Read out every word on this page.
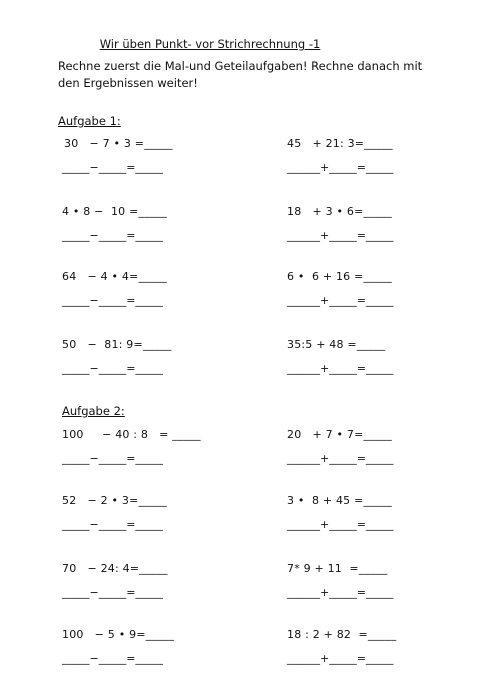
Wir üben Punkt- vor Strichrechnung -1
Rechne zuerst die Mal-und Geteilaufgaben! Rechne danach mit den Ergebnissen weiter!
Aufgabe 1:
30   − 7 • 3 =_____
_____−_____=_____
45   + 21: 3=_____
______+_____=_____
4 • 8 −  10 =_____
_____−_____=_____
18   + 3 • 6=_____
______+_____=_____
64   − 4 • 4=_____
_____−_____=_____
6 •  6 + 16 =_____
______+_____=_____
50   −  81: 9=_____
_____−_____=_____
35:5 + 48 =_____
______+_____=_____
Aufgabe 2:
100     − 40 : 8   = _____
_____−_____=_____
20   + 7 • 7=_____
______+_____=_____
52   − 2 • 3=_____
_____−_____=_____
3 •  8 + 45 =_____
______+_____=_____
70   − 24: 4=_____
_____−_____=_____
7* 9 + 11  =_____
______+_____=_____
100   − 5 • 9=_____
_____−_____=_____
18 : 2 + 82  =_____
______+_____=_____
